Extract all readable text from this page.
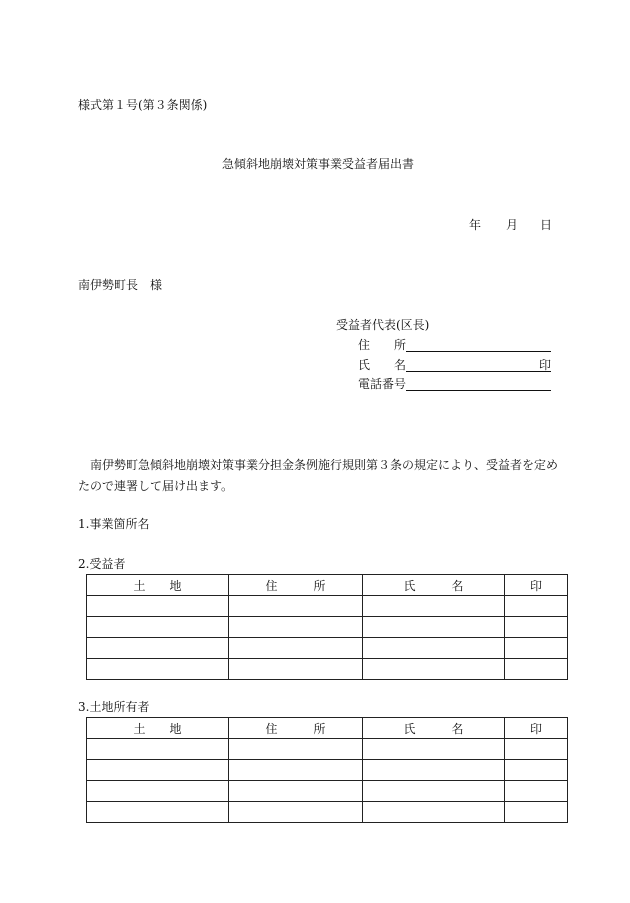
様式第１号(第３条関係)
急傾斜地崩壊対策事業受益者届出書
年 月 日
南伊勢町長　様
受益者代表(区長)
住　　所
氏　　名	印
電話番号
南伊勢町急傾斜地崩壊対策事業分担金条例施行規則第３条の規定により、受益者を定めたので連署して届け出ます。
1.事業箇所名
2.受益者
土　　地	住　　　所	氏　　　名	印

3.土地所有者
土　　地	住　　　所	氏　　　名	印
